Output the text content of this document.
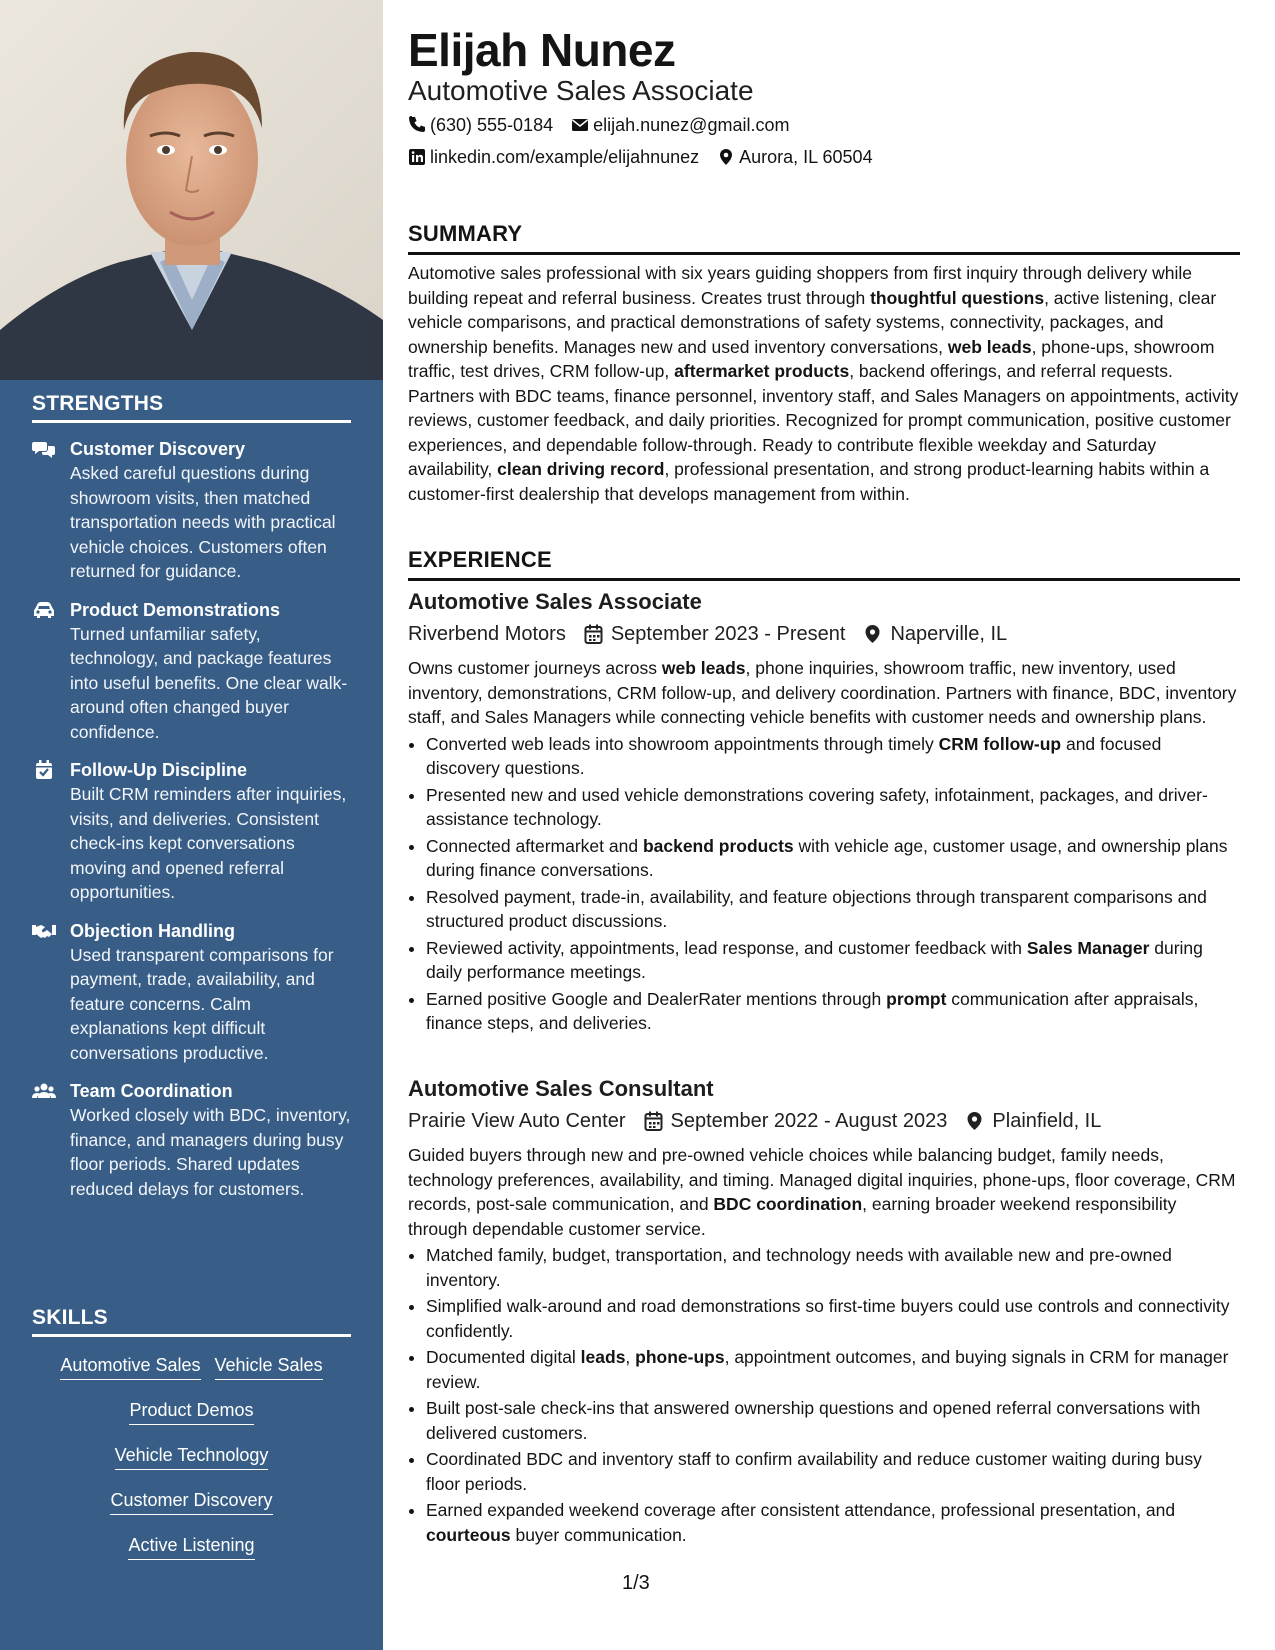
STRENGTHS
Customer Discovery
Asked careful questions during showroom visits, then matched transportation needs with practical vehicle choices. Customers often returned for guidance.
Product Demonstrations
Turned unfamiliar safety, technology, and package features into useful benefits. One clear walk-around often changed buyer confidence.
Follow-Up Discipline
Built CRM reminders after inquiries, visits, and deliveries. Consistent check-ins kept conversations moving and opened referral opportunities.
Objection Handling
Used transparent comparisons for payment, trade, availability, and feature concerns. Calm explanations kept difficult conversations productive.
Team Coordination
Worked closely with BDC, inventory, finance, and managers during busy floor periods. Shared updates reduced delays for customers.
SKILLS
Automotive Sales Vehicle Sales
Product Demos
Vehicle Technology
Customer Discovery
Active Listening
Elijah Nunez
Automotive Sales Associate
(630) 555-0184 elijah.nunez@gmail.com
linkedin.com/example/elijahnunez Aurora, IL 60504
SUMMARY

Automotive sales professional with six years guiding shoppers from first inquiry through delivery while building repeat and referral business. Creates trust through thoughtful questions, active listening, clear vehicle comparisons, and practical demonstrations of safety systems, connectivity, packages, and ownership benefits. Manages new and used inventory conversations, web leads, phone-ups, showroom traffic, test drives, CRM follow-up, aftermarket products, backend offerings, and referral requests. Partners with BDC teams, finance personnel, inventory staff, and Sales Managers on appointments, activity reviews, customer feedback, and daily priorities. Recognized for prompt communication, positive customer experiences, and dependable follow-through. Ready to contribute flexible weekday and Saturday availability, clean driving record, professional presentation, and strong product-learning habits within a customer-first dealership that develops management from within.

EXPERIENCE
Automotive Sales Associate
Riverbend Motors September 2023 - Present Naperville, IL
Owns customer journeys across web leads, phone inquiries, showroom traffic, new inventory, used inventory, demonstrations, CRM follow-up, and delivery coordination. Partners with finance, BDC, inventory staff, and Sales Managers while connecting vehicle benefits with customer needs and ownership plans.
• Converted web leads into showroom appointments through timely CRM follow-up and focused discovery questions.
• Presented new and used vehicle demonstrations covering safety, infotainment, packages, and driver-assistance technology.
• Connected aftermarket and backend products with vehicle age, customer usage, and ownership plans during finance conversations.
• Resolved payment, trade-in, availability, and feature objections through transparent comparisons and structured product discussions.
• Reviewed activity, appointments, lead response, and customer feedback with Sales Manager during daily performance meetings.
• Earned positive Google and DealerRater mentions through prompt communication after appraisals, finance steps, and deliveries.
Automotive Sales Consultant
Prairie View Auto Center September 2022 - August 2023 Plainfield, IL
Guided buyers through new and pre-owned vehicle choices while balancing budget, family needs, technology preferences, availability, and timing. Managed digital inquiries, phone-ups, floor coverage, CRM records, post-sale communication, and BDC coordination, earning broader weekend responsibility through dependable customer service.
• Matched family, budget, transportation, and technology needs with available new and pre-owned inventory.
• Simplified walk-around and road demonstrations so first-time buyers could use controls and connectivity confidently.
• Documented digital leads, phone-ups, appointment outcomes, and buying signals in CRM for manager review.
• Built post-sale check-ins that answered ownership questions and opened referral conversations with delivered customers.
• Coordinated BDC and inventory staff to confirm availability and reduce customer waiting during busy floor periods.
• Earned expanded weekend coverage after consistent attendance, professional presentation, and courteous buyer communication.
1/3
